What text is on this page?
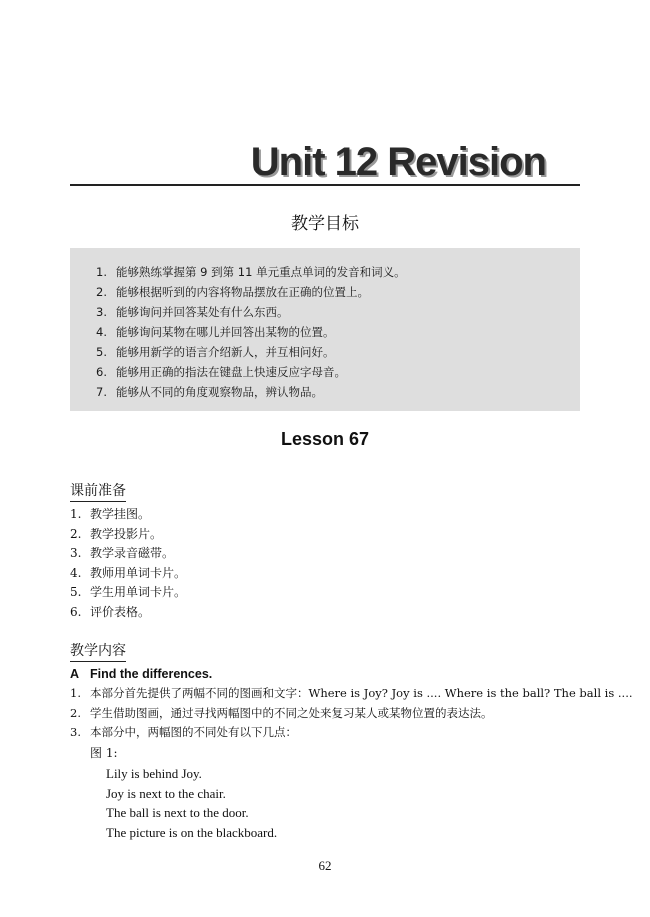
Unit 12 Revision
教学目标
1. 能够熟练掌握第 9 到第 11 单元重点单词的发音和词义。
2. 能够根据听到的内容将物品摆放在正确的位置上。
3. 能够询问并回答某处有什么东西。
4. 能够询问某物在哪儿并回答出某物的位置。
5. 能够用新学的语言介绍新人，并互相问好。
6. 能够用正确的指法在键盘上快速反应字母音。
7. 能够从不同的角度观察物品，辨认物品。
Lesson 67
课前准备
1. 教学挂图。
2. 教学投影片。
3. 教学录音磁带。
4. 教师用单词卡片。
5. 学生用单词卡片。
6. 评价表格。
教学内容
A Find the differences.
1. 本部分首先提供了两幅不同的图画和文字：Where is Joy? Joy is .... Where is the ball? The ball is ....
2. 学生借助图画，通过寻找两幅图中的不同之处来复习某人或某物位置的表达法。
3. 本部分中，两幅图的不同处有以下几点：
图 1:
Lily is behind Joy.
Joy is next to the chair.
The ball is next to the door.
The picture is on the blackboard.
62
